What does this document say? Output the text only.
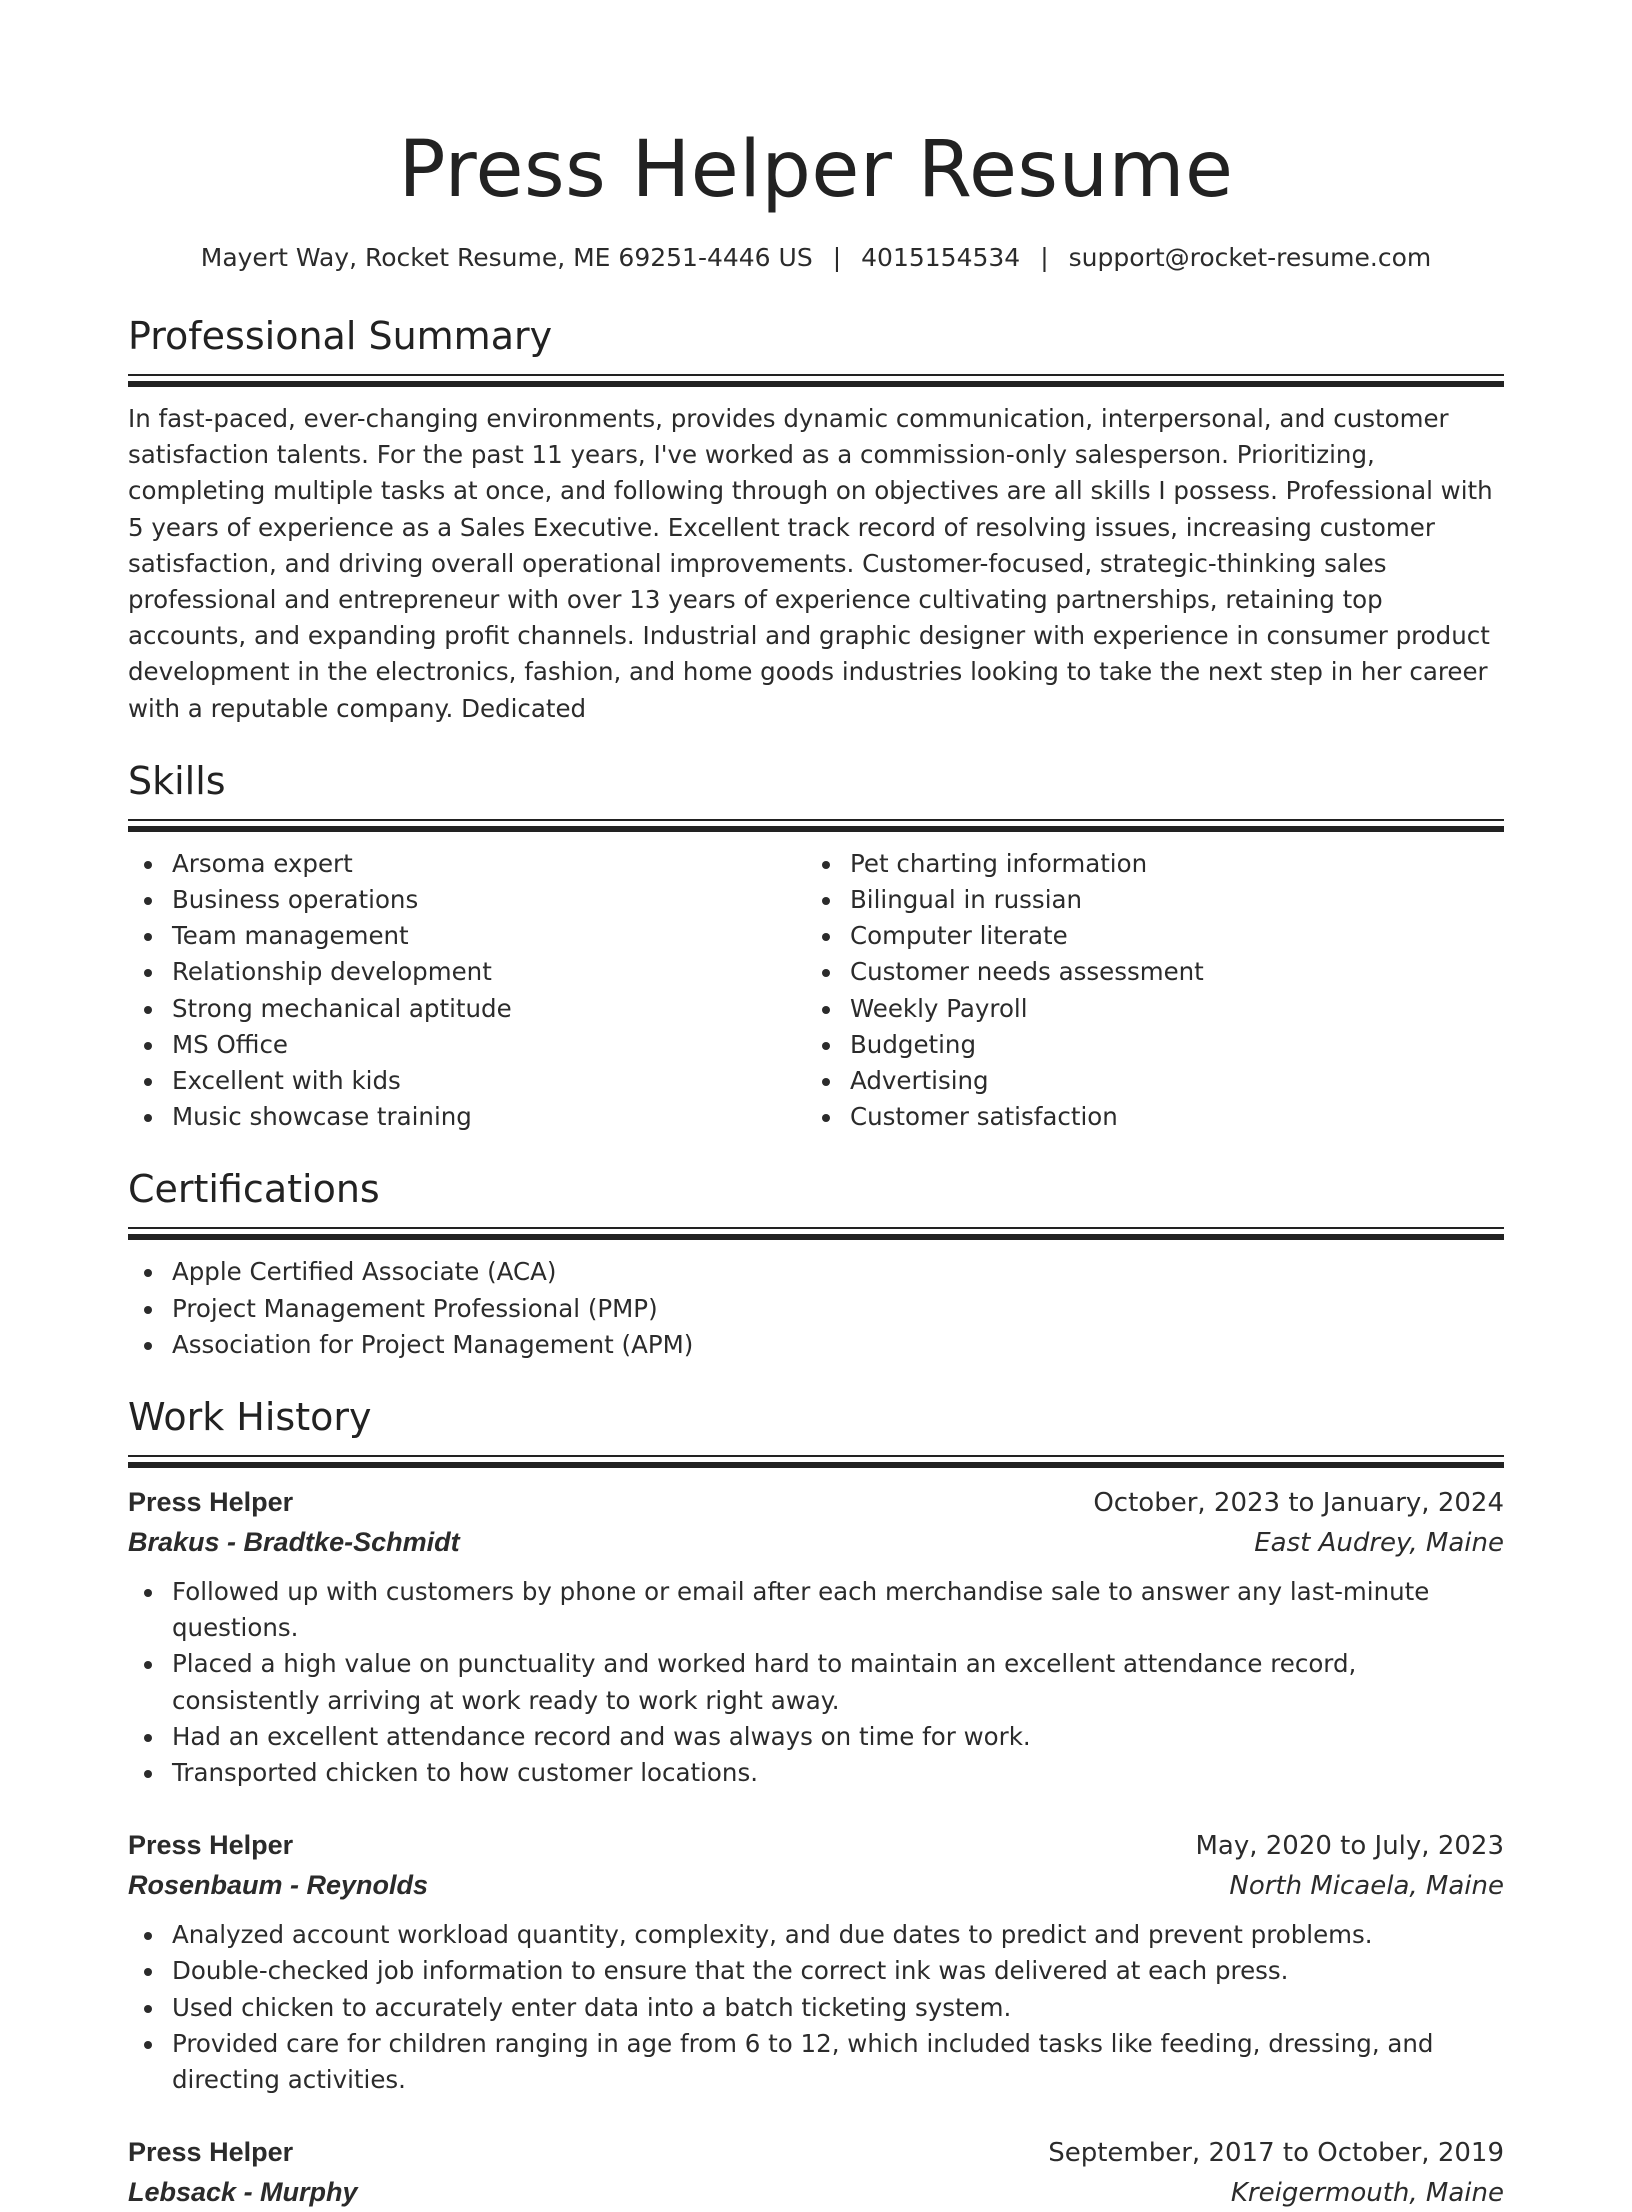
Press Helper Resume
Mayert Way, Rocket Resume, ME 69251-4446 US | 4015154534 | support@rocket-resume.com
Professional Summary

In fast-paced, ever-changing environments, provides dynamic communication, interpersonal, and customer satisfaction talents. For the past 11 years, I've worked as a commission-only salesperson. Prioritizing, completing multiple tasks at once, and following through on objectives are all skills I possess. Professional with 5 years of experience as a Sales Executive. Excellent track record of resolving issues, increasing customer satisfaction, and driving overall operational improvements. Customer-focused, strategic-thinking sales professional and entrepreneur with over 13 years of experience cultivating partnerships, retaining top accounts, and expanding profit channels. Industrial and graphic designer with experience in consumer product development in the electronics, fashion, and home goods industries looking to take the next step in her career with a reputable company. Dedicated

Skills
Arsoma expert
Business operations
Team management
Relationship development
Strong mechanical aptitude
MS Office
Excellent with kids
Music showcase training
Pet charting information
Bilingual in russian
Computer literate
Customer needs assessment
Weekly Payroll
Budgeting
Advertising
Customer satisfaction
Certifications
Apple Certified Associate (ACA)
Project Management Professional (PMP)
Association for Project Management (APM)
Work History
Press Helper	October, 2023 to January, 2024
Brakus - Bradtke-Schmidt	East Audrey, Maine
Followed up with customers by phone or email after each merchandise sale to answer any last-minute questions.
Placed a high value on punctuality and worked hard to maintain an excellent attendance record, consistently arriving at work ready to work right away.
Had an excellent attendance record and was always on time for work.
Transported chicken to how customer locations.
Press Helper	May, 2020 to July, 2023
Rosenbaum - Reynolds	North Micaela, Maine
Analyzed account workload quantity, complexity, and due dates to predict and prevent problems.
Double-checked job information to ensure that the correct ink was delivered at each press.
Used chicken to accurately enter data into a batch ticketing system.
Provided care for children ranging in age from 6 to 12, which included tasks like feeding, dressing, and directing activities.
Press Helper	September, 2017 to October, 2019
Lebsack - Murphy	Kreigermouth, Maine
